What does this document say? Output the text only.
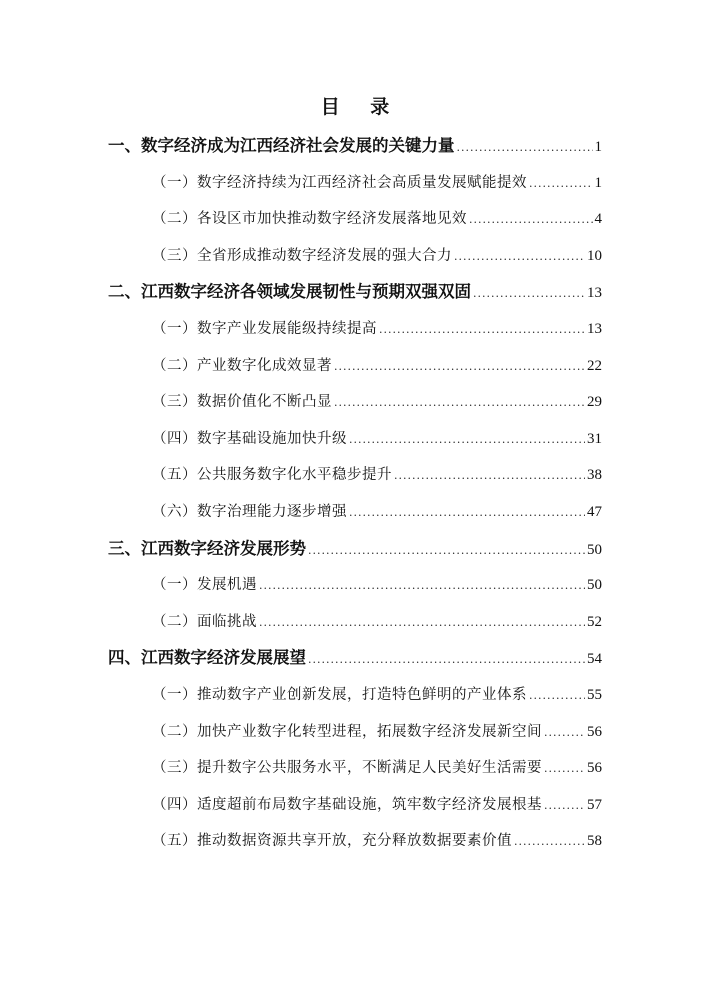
目 录
一、数字经济成为江西经济社会发展的关键力量 .....	1
（一）数字经济持续为江西经济社会高质量发展赋能提效 .....	1
（二）各设区市加快推动数字经济发展落地见效 .....	4
（三）全省形成推动数字经济发展的强大合力 .....	10
二、江西数字经济各领域发展韧性与预期双强双固 .....	13
（一）数字产业发展能级持续提高 .....	13
（二）产业数字化成效显著 .....	22
（三）数据价值化不断凸显 .....	29
（四）数字基础设施加快升级 .....	31
（五）公共服务数字化水平稳步提升 .....	38
（六）数字治理能力逐步增强 .....	47
三、江西数字经济发展形势 .....	50
（一）发展机遇 .....	50
（二）面临挑战 .....	52
四、江西数字经济发展展望 .....	54
（一）推动数字产业创新发展，打造特色鲜明的产业体系 .....	55
（二）加快产业数字化转型进程，拓展数字经济发展新空间 .....	56
（三）提升数字公共服务水平，不断满足人民美好生活需要 .....	56
（四）适度超前布局数字基础设施，筑牢数字经济发展根基 .....	57
（五）推动数据资源共享开放，充分释放数据要素价值 .....	58
